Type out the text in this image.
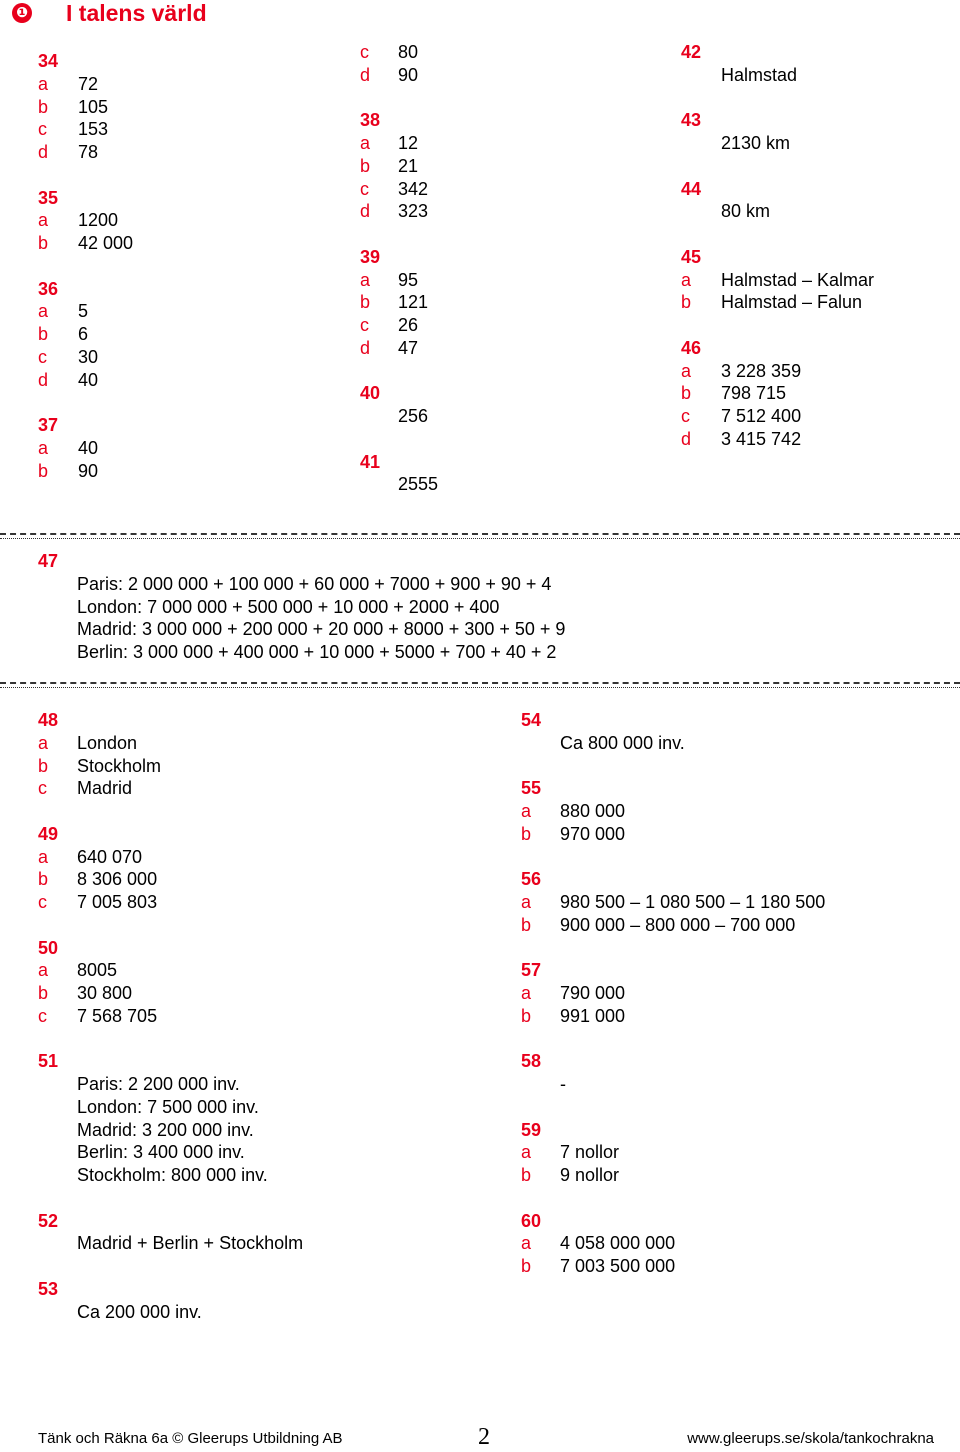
❶ I talens värld
34
a 72
b 105
c 153
d 78
35
a 1200
b 42 000
36
a 5
b 6
c 30
d 40
37
a 40
b 90
c 80
d 90
38
a 12
b 21
c 342
d 323
39
a 95
b 121
c 26
d 47
40
256
41
2555
42
Halmstad
43
2130 km
44
80 km
45
a Halmstad – Kalmar
b Halmstad – Falun
46
a 3 228 359
b 798 715
c 7 512 400
d 3 415 742
47
Paris: 2 000 000 + 100 000 + 60 000 + 7000 + 900 + 90 + 4
London: 7 000 000 + 500 000 + 10 000 + 2000 + 400
Madrid: 3 000 000 + 200 000 + 20 000 + 8000 + 300 + 50 + 9
Berlin: 3 000 000 + 400 000 + 10 000 + 5000 + 700 + 40 + 2
48
a London
b Stockholm
c Madrid
49
a 640 070
b 8 306 000
c 7 005 803
50
a 8005
b 30 800
c 7 568 705
51
Paris: 2 200 000 inv.
London: 7 500 000 inv.
Madrid: 3 200 000 inv.
Berlin: 3 400 000 inv.
Stockholm: 800 000 inv.
52
Madrid + Berlin + Stockholm
53
Ca 200 000 inv.
54
Ca 800 000 inv.
55
a 880 000
b 970 000
56
a 980 500 – 1 080 500 – 1 180 500
b 900 000 – 800 000 – 700 000
57
a 790 000
b 991 000
58
-
59
a 7 nollor
b 9 nollor
60
a 4 058 000 000
b 7 003 500 000
Tänk och Räkna 6a © Gleerups Utbildning AB	2	www.gleerups.se/skola/tankochrakna
